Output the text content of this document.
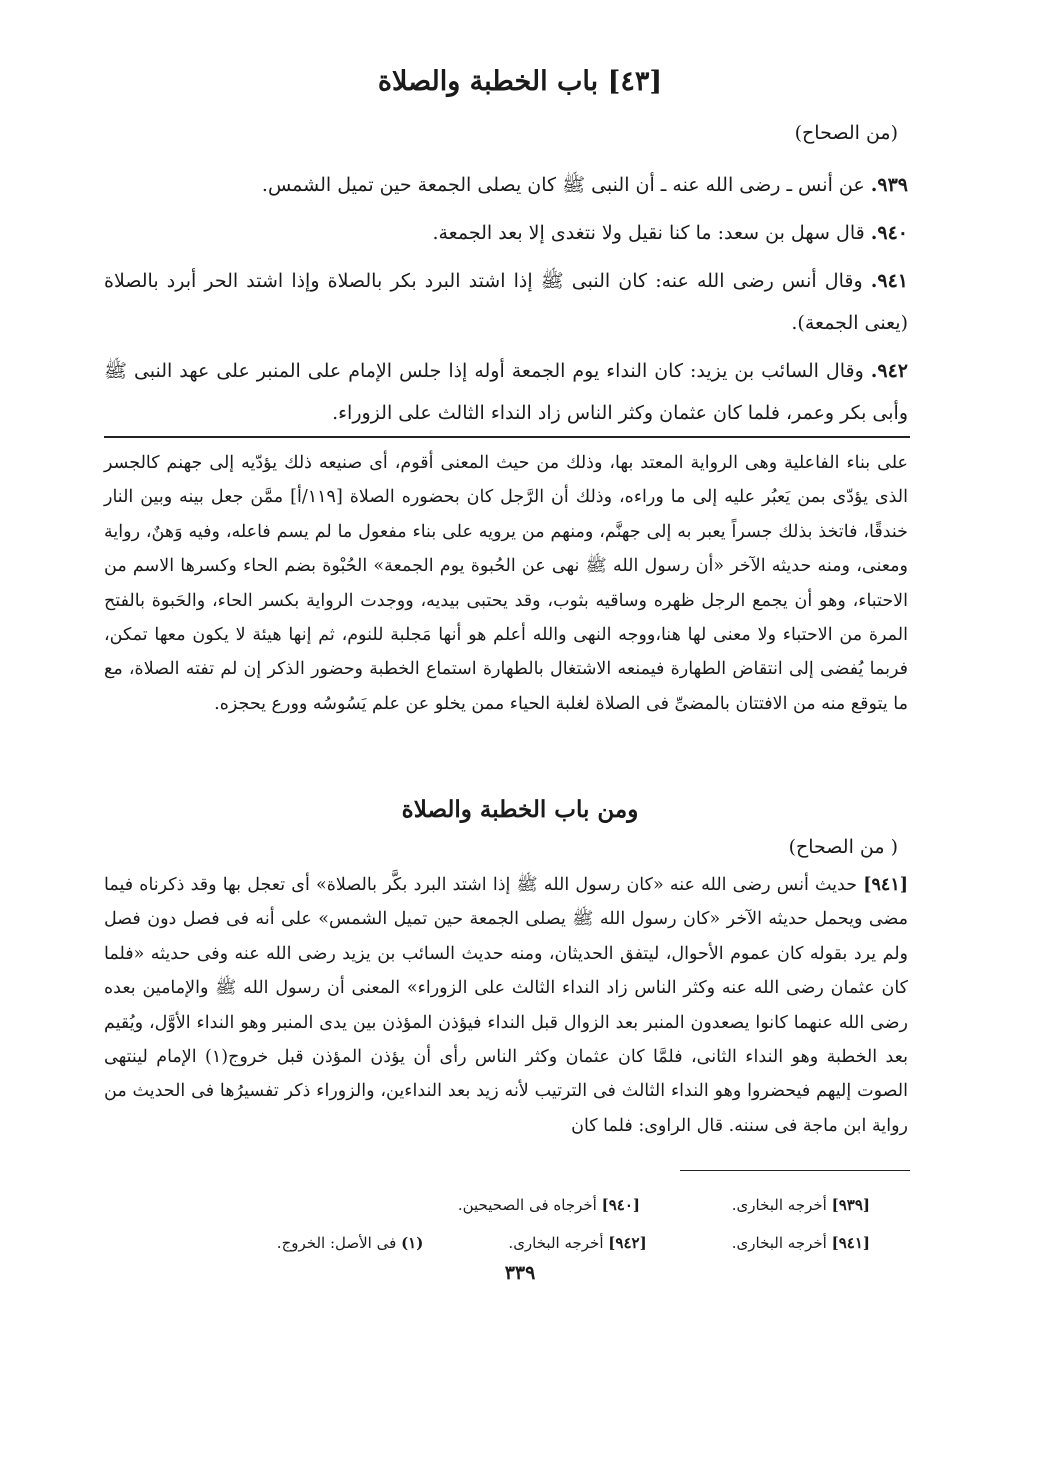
[٤٣] باب الخطبة والصلاة
(من الصحاح)
٩٣٩. عن أنس ـ رضى الله عنه ـ أن النبى ﷺ كان يصلى الجمعة حين تميل الشمس.
٩٤٠. قال سهل بن سعد: ما كنا نقيل ولا نتغدى إلا بعد الجمعة.
٩٤١. وقال أنس رضى الله عنه: كان النبى ﷺ إذا اشتد البرد بكر بالصلاة وإذا اشتد الحر أبرد بالصلاة (يعنى الجمعة).
٩٤٢. وقال السائب بن يزيد: كان النداء يوم الجمعة أوله إذا جلس الإمام على المنبر على عهد النبى ﷺ وأبى بكر وعمر، فلما كان عثمان وكثر الناس زاد النداء الثالث على الزوراء.

على بناء الفاعلية وهى الرواية المعتد بها، وذلك من حيث المعنى أقوم، أى صنيعه ذلك يؤدّيه إلى جهنم كالجسر الذى يؤدّى بمن يَعبُر عليه إلى ما وراءه، وذلك أن الرَّجل كان بحضوره الصلاة [١١٩/أ] ممَّن جعل بينه وبين النار خندقًا، فاتخذ بذلك جسراً يعبر به إلى جهنَّم، ومنهم من يرويه على بناء مفعول ما لم يسم فاعله، وفيه وَهنٌ، رواية ومعنى، ومنه حديثه الآخر «أن رسول الله ﷺ نهى عن الحُبوة يوم الجمعة» الحُبْوة بضم الحاء وكسرها الاسم من الاحتباء، وهو أن يجمع الرجل ظهره وساقيه بثوب، وقد يحتبى بيديه، ووجدت الرواية بكسر الحاء، والحَبوة بالفتح المرة من الاحتباء ولا معنى لها هنا،ووجه النهى والله أعلم هو أنها مَجلبة للنوم، ثم إنها هيئة لا يكون معها تمكن، فربما يُفضى إلى انتقاض الطهارة فيمنعه الاشتغال بالطهارة استماع الخطبة وحضور الذكر إن لم تفته الصلاة، مع ما يتوقع منه من الافتتان بالمضىِّ فى الصلاة لغلبة الحياء ممن يخلو عن علم يَسُوسُه وورع يحجزه.

ومن باب الخطبة والصلاة
( من الصحاح)

[٩٤١] حديث أنس رضى الله عنه «كان رسول الله ﷺ إذا اشتد البرد بكَّر بالصلاة» أى تعجل بها وقد ذكرناه فيما مضى ويحمل حديثه الآخر «كان رسول الله ﷺ يصلى الجمعة حين تميل الشمس» على أنه فى فصل دون فصل ولم يرد بقوله كان عموم الأحوال، ليتفق الحديثان، ومنه حديث السائب بن يزيد رضى الله عنه وفى حديثه «فلما كان عثمان رضى الله عنه وكثر الناس زاد النداء الثالث على الزوراء» المعنى أن رسول الله ﷺ والإمامين بعده رضى الله عنهما كانوا يصعدون المنبر بعد الزوال قبل النداء فيؤذن المؤذن بين يدى المنبر وهو النداء الأوَّل، ويُقيم بعد الخطبة وهو النداء الثانى، فلمَّا كان عثمان وكثر الناس رأى أن يؤذن المؤذن قبل خروج(١) الإمام لينتهى الصوت إليهم فيحضروا وهو النداء الثالث فى الترتيب لأنه زيد بعد النداءين، والزوراء ذكر تفسيرُها فى الحديث من رواية ابن ماجة فى سننه. قال الراوى: فلما كان

[٩٣٩] أخرجه البخارى.
[٩٤٠] أخرجاه فى الصحيحين.
[٩٤١] أخرجه البخارى.
[٩٤٢] أخرجه البخارى.
(١) فى الأصل: الخروج.
٣٣٩
